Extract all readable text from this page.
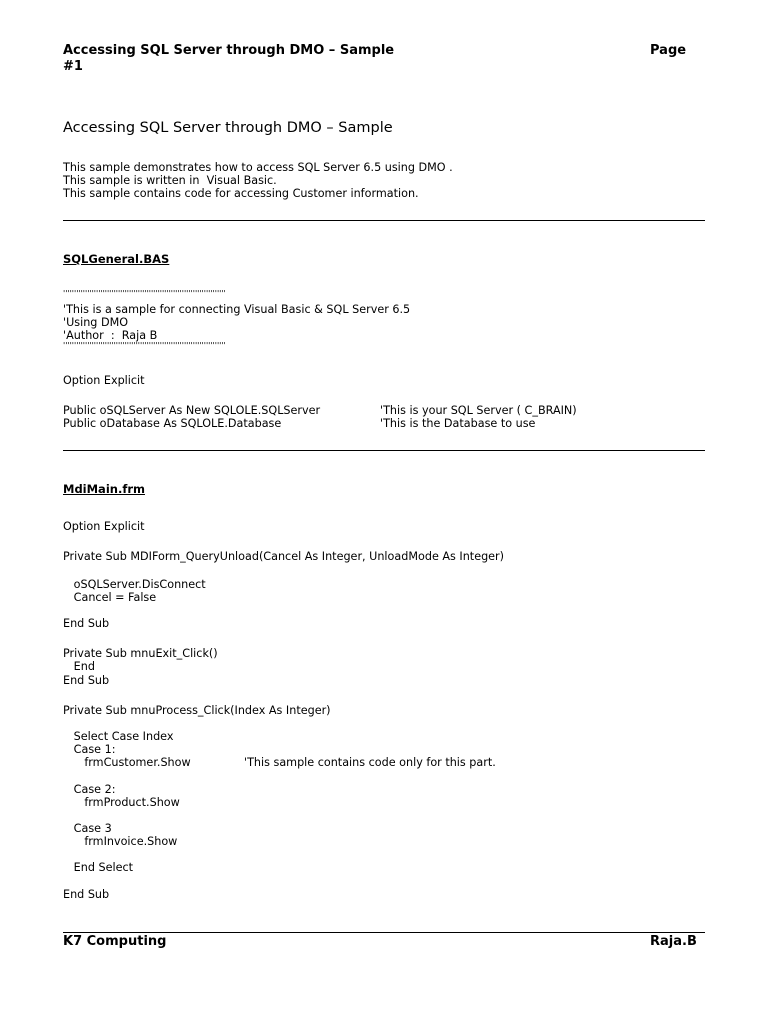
Accessing SQL Server through DMO – Sample	Page
#1
Accessing SQL Server through DMO – Sample
This sample demonstrates how to access SQL Server 6.5 using DMO .
This sample is written in  Visual Basic.
This sample contains code for accessing Customer information.
SQLGeneral.BAS
''''''''''''''''''''''''''''''''''''''''''''''''''''''''''''''''''''''''''
'This is a sample for connecting Visual Basic & SQL Server 6.5
'Using DMO
'Author  :  Raja B
''''''''''''''''''''''''''''''''''''''''''''''''''''''''''''''''''''''''''
Option Explicit
Public oSQLServer As New SQLOLE.SQLServer	'This is your SQL Server ( C_BRAIN)
Public oDatabase As SQLOLE.Database	'This is the Database to use
MdiMain.frm
Option Explicit
Private Sub MDIForm_QueryUnload(Cancel As Integer, UnloadMode As Integer)
oSQLServer.DisConnect
Cancel = False
End Sub
Private Sub mnuExit_Click()
End
End Sub
Private Sub mnuProcess_Click(Index As Integer)
Select Case Index
Case 1:
frmCustomer.Show	'This sample contains code only for this part.
Case 2:
frmProduct.Show
Case 3
frmInvoice.Show
End Select
End Sub
K7 Computing	Raja.B
